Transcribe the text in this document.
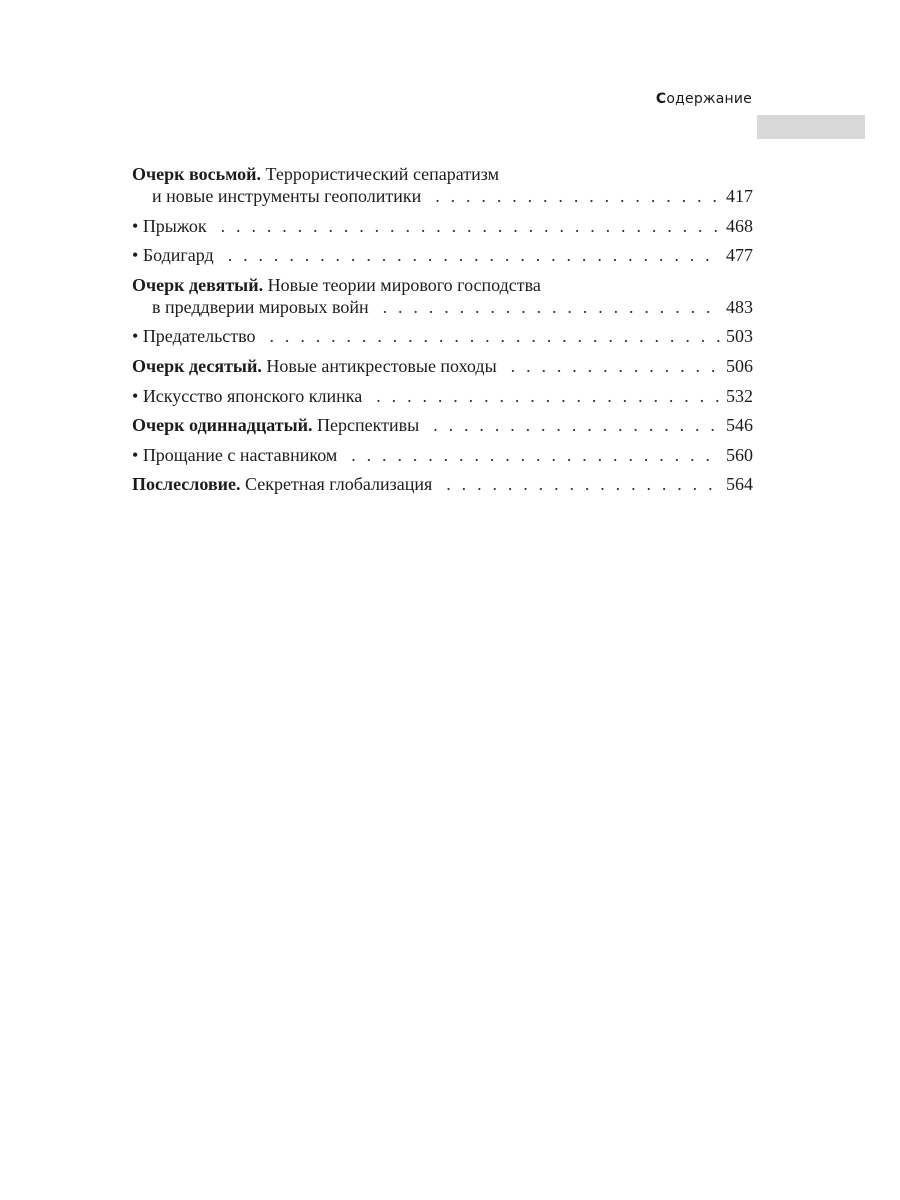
Содержание
Очерк восьмой. Террористический сепаратизм
и новые инструменты геополитики . . .	417
• Прыжок . . .	468
• Бодигард . . .	477
Очерк девятый. Новые теории мирового господства
в преддверии мировых войн . . .	483
• Предательство . . .	503
Очерк десятый. Новые антикрестовые походы . . .	506
• Искусство японского клинка . . .	532
Очерк одиннадцатый. Перспективы . . .	546
• Прощание с наставником . . .	560
Послесловие. Секретная глобализация . . .	564
